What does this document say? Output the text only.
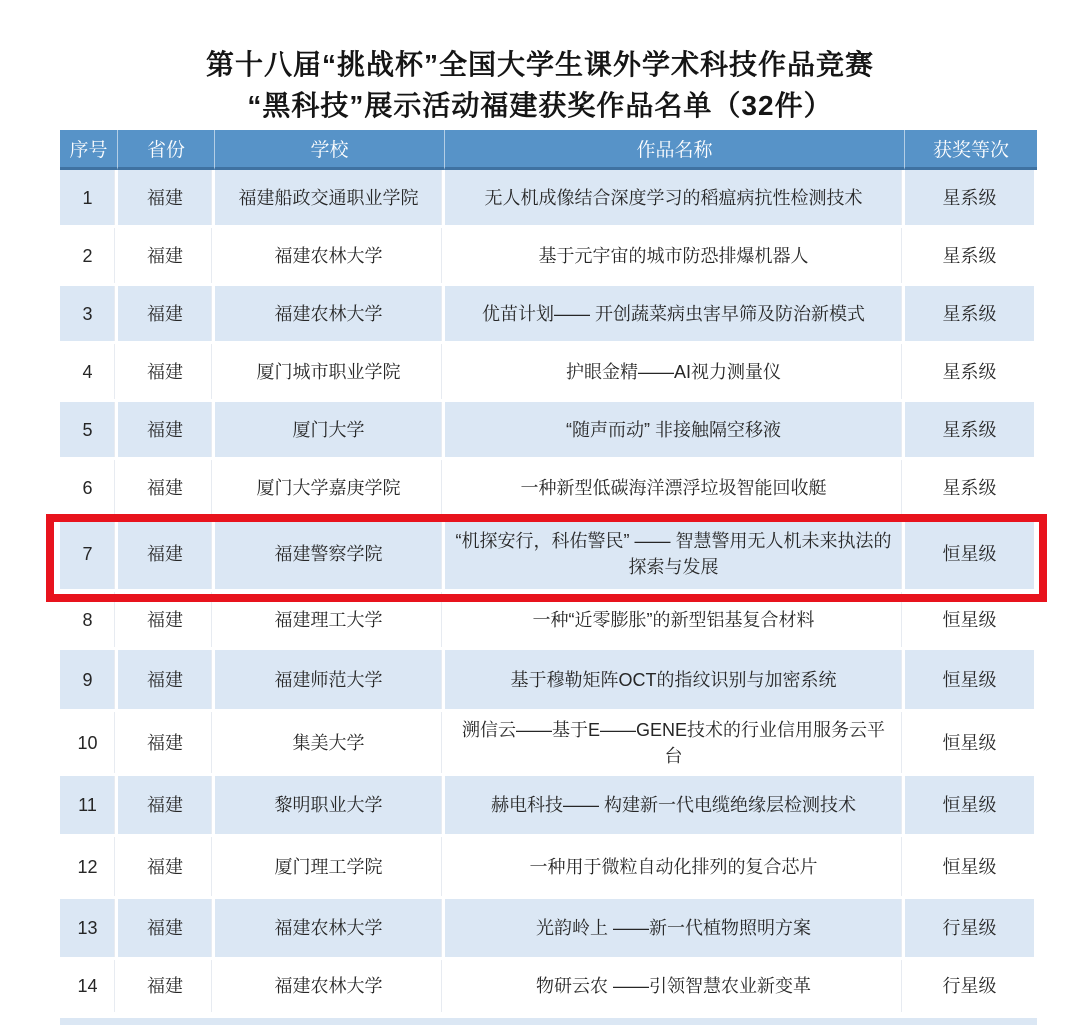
第十八届“挑战杯”全国大学生课外学术科技作品竞赛
“黑科技”展示活动福建获奖作品名单（32件）
序号	省份	学校	作品名称	获奖等次
1	福建	福建船政交通职业学院	无人机成像结合深度学习的稻瘟病抗性检测技术	星系级
2	福建	福建农林大学	基于元宇宙的城市防恐排爆机器人	星系级
3	福建	福建农林大学	优苗计划—— 开创蔬菜病虫害早筛及防治新模式	星系级
4	福建	厦门城市职业学院	护眼金精——AI视力测量仪	星系级
5	福建	厦门大学	“随声而动” 非接触隔空移液	星系级
6	福建	厦门大学嘉庚学院	一种新型低碳海洋漂浮垃圾智能回收艇	星系级
7	福建	福建警察学院	“机探安行，科佑警民” —— 智慧警用无人机未来执法的探索与发展	恒星级
8	福建	福建理工大学	一种“近零膨胀”的新型铝基复合材料	恒星级
9	福建	福建师范大学	基于穆勒矩阵OCT的指纹识别与加密系统	恒星级
10	福建	集美大学	溯信云——基于E——GENE技术的行业信用服务云平台	恒星级
11	福建	黎明职业大学	赫电科技—— 构建新一代电缆绝缘层检测技术	恒星级
12	福建	厦门理工学院	一种用于微粒自动化排列的复合芯片	恒星级
13	福建	福建农林大学	光韵岭上 ——新一代植物照明方案	行星级
14	福建	福建农林大学	物研云农 ——引领智慧农业新变革	行星级
